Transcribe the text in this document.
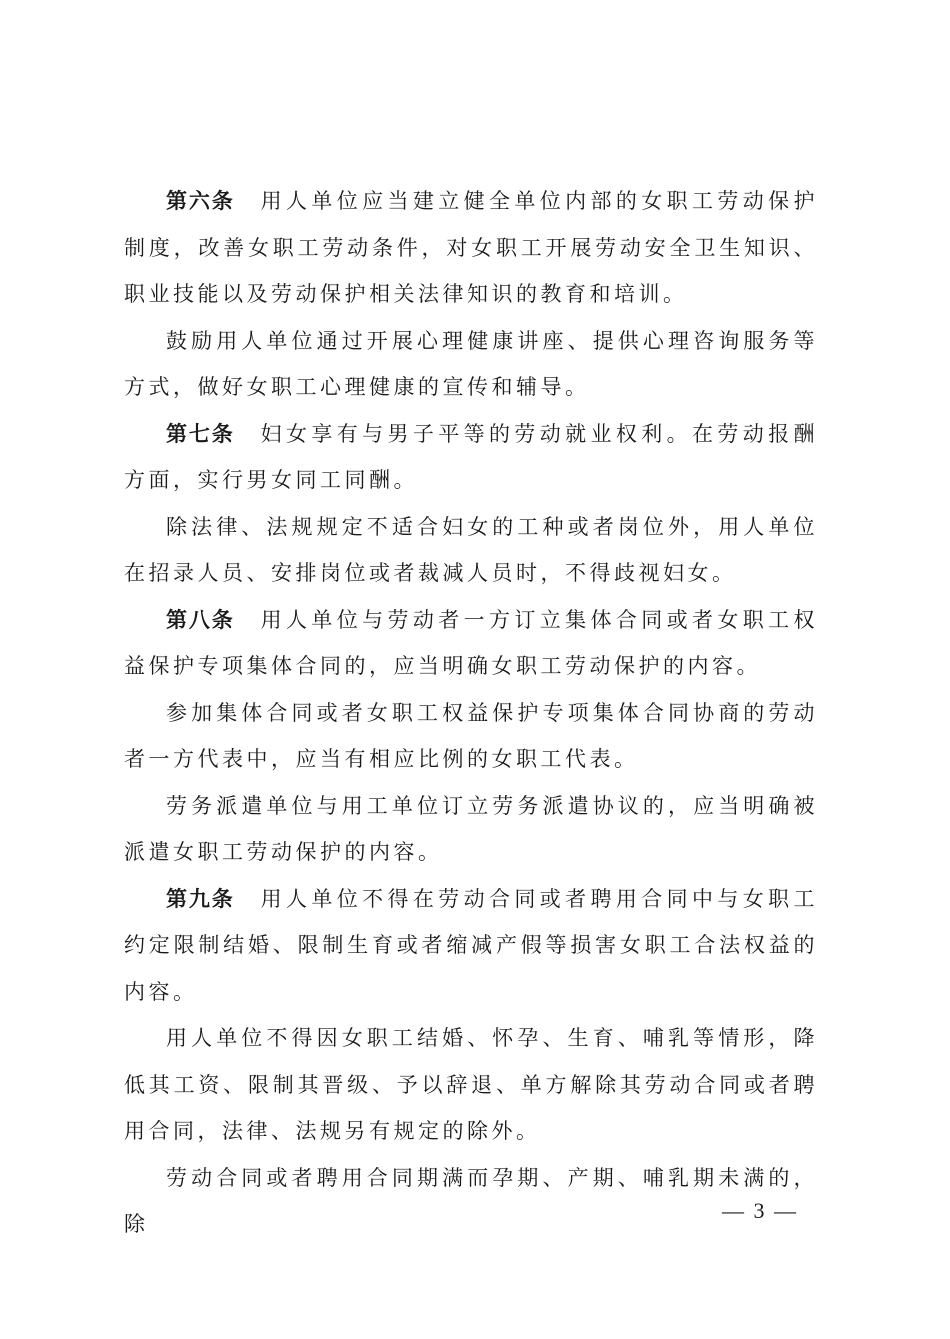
第六条 用人单位应当建立健全单位内部的女职工劳动保护制度，改善女职工劳动条件，对女职工开展劳动安全卫生知识、职业技能以及劳动保护相关法律知识的教育和培训。

鼓励用人单位通过开展心理健康讲座、提供心理咨询服务等方式，做好女职工心理健康的宣传和辅导。

第七条 妇女享有与男子平等的劳动就业权利。在劳动报酬方面，实行男女同工同酬。

除法律、法规规定不适合妇女的工种或者岗位外，用人单位在招录人员、安排岗位或者裁减人员时，不得歧视妇女。

第八条 用人单位与劳动者一方订立集体合同或者女职工权益保护专项集体合同的，应当明确女职工劳动保护的内容。

参加集体合同或者女职工权益保护专项集体合同协商的劳动者一方代表中，应当有相应比例的女职工代表。

劳务派遣单位与用工单位订立劳务派遣协议的，应当明确被派遣女职工劳动保护的内容。

第九条 用人单位不得在劳动合同或者聘用合同中与女职工约定限制结婚、限制生育或者缩减产假等损害女职工合法权益的内容。

用人单位不得因女职工结婚、怀孕、生育、哺乳等情形，降低其工资、限制其晋级、予以辞退、单方解除其劳动合同或者聘用合同，法律、法规另有规定的除外。

劳动合同或者聘用合同期满而孕期、产期、哺乳期未满的，除

— 3 —
